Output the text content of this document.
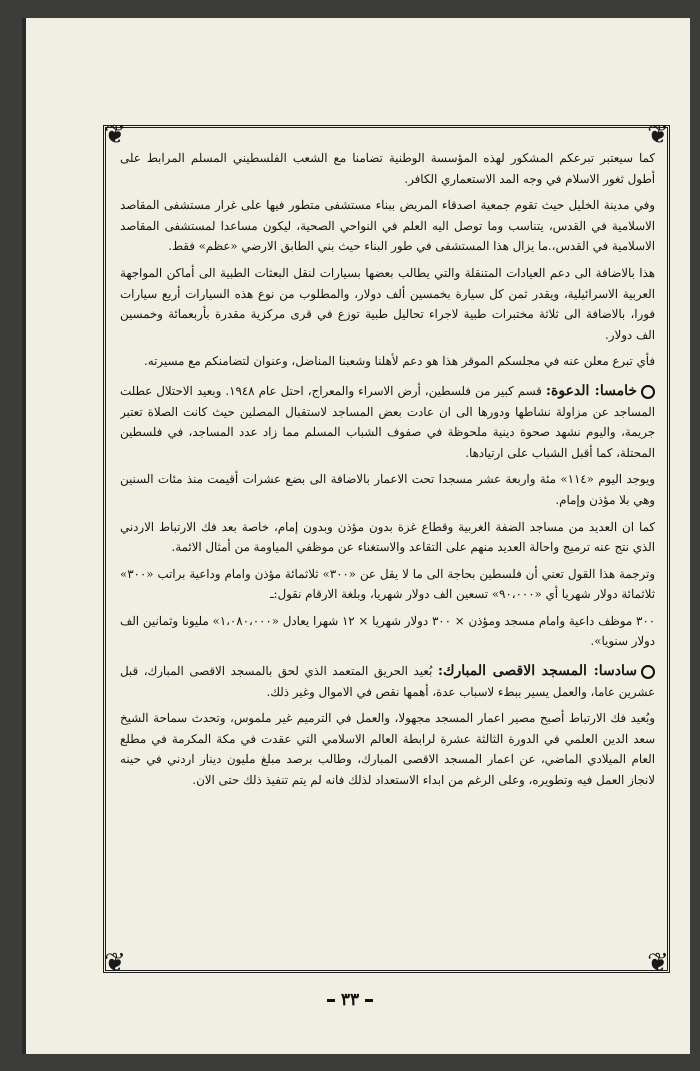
❦	❦
❦	❦

كما سيعتبر تبرعكم المشكور لهذه المؤسسة الوطنية تضامنا مع الشعب الفلسطيني المسلم المرابط على أطول ثغور الاسلام في وجه المد الاستعماري الكافر.

وفي مدينة الخليل حيث تقوم جمعية اصدقاء المريض ببناء مستشفى متطور فيها على غرار مستشفى المقاصد الاسلامية في القدس، يتناسب وما توصل اليه العلم في النواحي الصحية، ليكون مساعدا لمستشفى المقاصد الاسلامية في القدس،.ما يزال هذا المستشفى في طور البناء حيث بني الطابق الارضي «عظم» فقط.

هذا بالاضافة الى دعم العيادات المتنقلة والتي يطالب بعضها بسيارات لنقل البعثات الطبية الى أماكن المواجهة العربية الاسرائيلية، ويقدر ثمن كل سيارة بخمسين ألف دولار، والمطلوب من نوع هذه السيارات أربع سيارات فورا، بالاضافة الى ثلاثة مختبرات طبية لاجراء تحاليل طبية توزع في قرى مركزية مقدرة بأربعمائة وخمسين الف دولار.

فأي تبرع معلن عنه في مجلسكم الموقر هذا هو دعم لأهلنا وشعبنا المناضل، وعنوان لتضامنكم مع مسيرته.

خامسا: الدعوة: قسم كبير من فلسطين، أرض الاسراء والمعراج، احتل عام ١٩٤٨. وبعيد الاحتلال عطلت المساجد عن مزاولة نشاطها ودورها الى ان عادت بعض المساجد لاستقبال المصلين حيث كانت الصلاة تعتبر جريمة، واليوم نشهد صحوة دينية ملحوظة في صفوف الشباب المسلم مما زاد عدد المساجد، في فلسطين المحتلة، كما أقبل الشباب على ارتيادها.

ويوجد اليوم «١١٤» مئة واربعة عشر مسجدا تحت الاعمار بالاضافة الى بضع عشرات أقيمت منذ مئات السنين وهي بلا مؤذن وإمام.

كما ان العديد من مساجد الضفة الغربية وقطاع غزة بدون مؤذن وبدون إمام، خاصة بعد فك الارتباط الاردني الذي نتج عنه ترميج واحالة العديد منهم على التقاعد والاستغناء عن موظفي المياومة من أمثال الائمة.

وترجمة هذا القول تعني أن فلسطين بحاجة الى ما لا يقل عن «٣٠٠» ثلاثمائة مؤذن وامام وداعية براتب «٣٠٠» ثلاثمائة دولار شهريا أي «٩٠،٠٠٠» تسعين الف دولار شهريا، وبلغة الارقام نقول:ـ

٣٠٠ موظف داعية وامام مسجد ومؤذن × ٣٠٠ دولار شهريا × ١٢ شهرا يعادل «١،٠٨٠،٠٠٠» مليونا وثمانين الف دولار سنويا».

سادسا: المسجد الاقصى المبارك: بُعيد الحريق المتعمد الذي لحق بالمسجد الاقصى المبارك، قبل عشرين عاما، والعمل يسير ببطء لاسباب عدة، أهمها نقص في الاموال وغير ذلك.

وبُعيد فك الارتباط أصبح مصير اعمار المسجد مجهولا، والعمل في الترميم غير ملموس، وتحدث سماحة الشيخ سعد الدين العلمي في الدورة الثالثة عشرة لرابطة العالم الاسلامي التي عقدت في مكة المكرمة في مطلع العام الميلادي الماضي، عن اعمار المسجد الاقصى المبارك، وطالب برصد مبلغ مليون دينار اردني في حينه لانجاز العمل فيه وتطويره، وعلى الرغم من ابداء الاستعداد لذلك فانه لم يتم تنفيذ ذلك حتى الان.

٣٣
